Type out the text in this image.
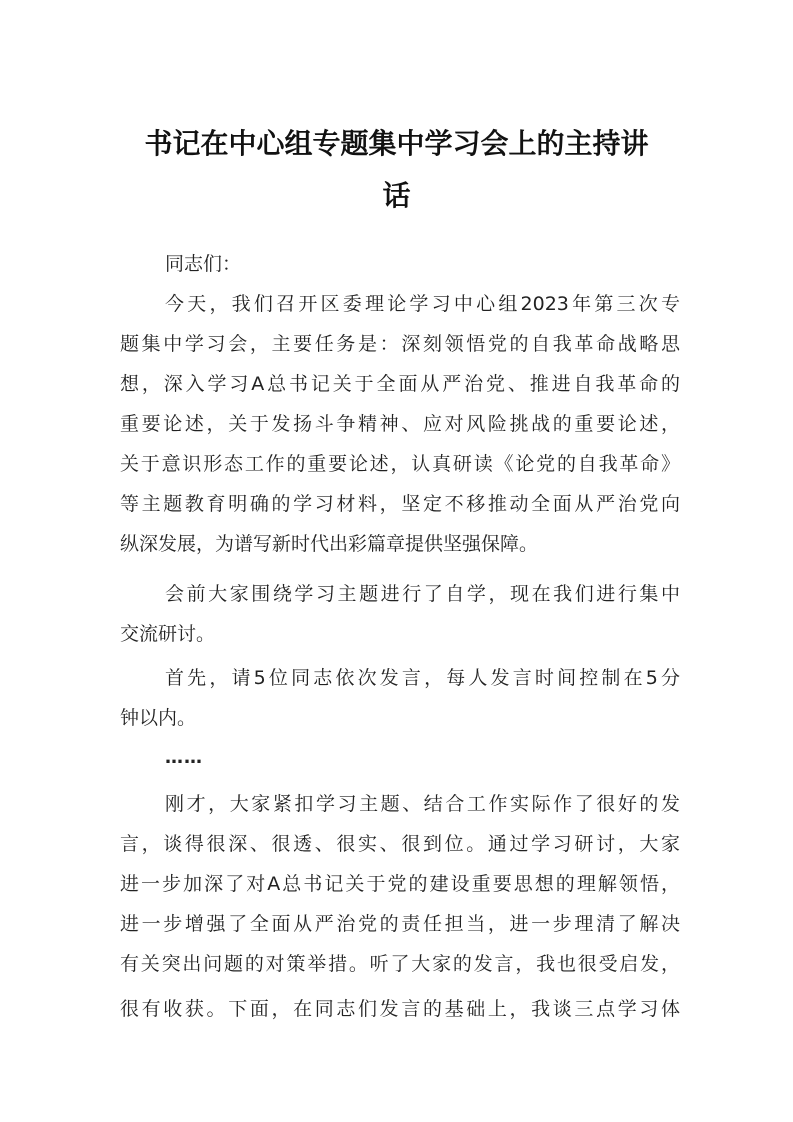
书记在中心组专题集中学习会上的主持讲
话
同志们：
今天，我们召开区委理论学习中心组2023年第三次专
题集中学习会，主要任务是：深刻领悟党的自我革命战略思
想，深入学习A总书记关于全面从严治党、推进自我革命的
重要论述，关于发扬斗争精神、应对风险挑战的重要论述，
关于意识形态工作的重要论述，认真研读《论党的自我革命》
等主题教育明确的学习材料，坚定不移推动全面从严治党向
纵深发展，为谱写新时代出彩篇章提供坚强保障。
会前大家围绕学习主题进行了自学，现在我们进行集中
交流研讨。
首先，请5位同志依次发言，每人发言时间控制在5分
钟以内。
……
刚才，大家紧扣学习主题、结合工作实际作了很好的发
言，谈得很深、很透、很实、很到位。通过学习研讨，大家
进一步加深了对A总书记关于党的建设重要思想的理解领悟，
进一步增强了全面从严治党的责任担当，进一步理清了解决
有关突出问题的对策举措。听了大家的发言，我也很受启发，
很有收获。下面，在同志们发言的基础上，我谈三点学习体
